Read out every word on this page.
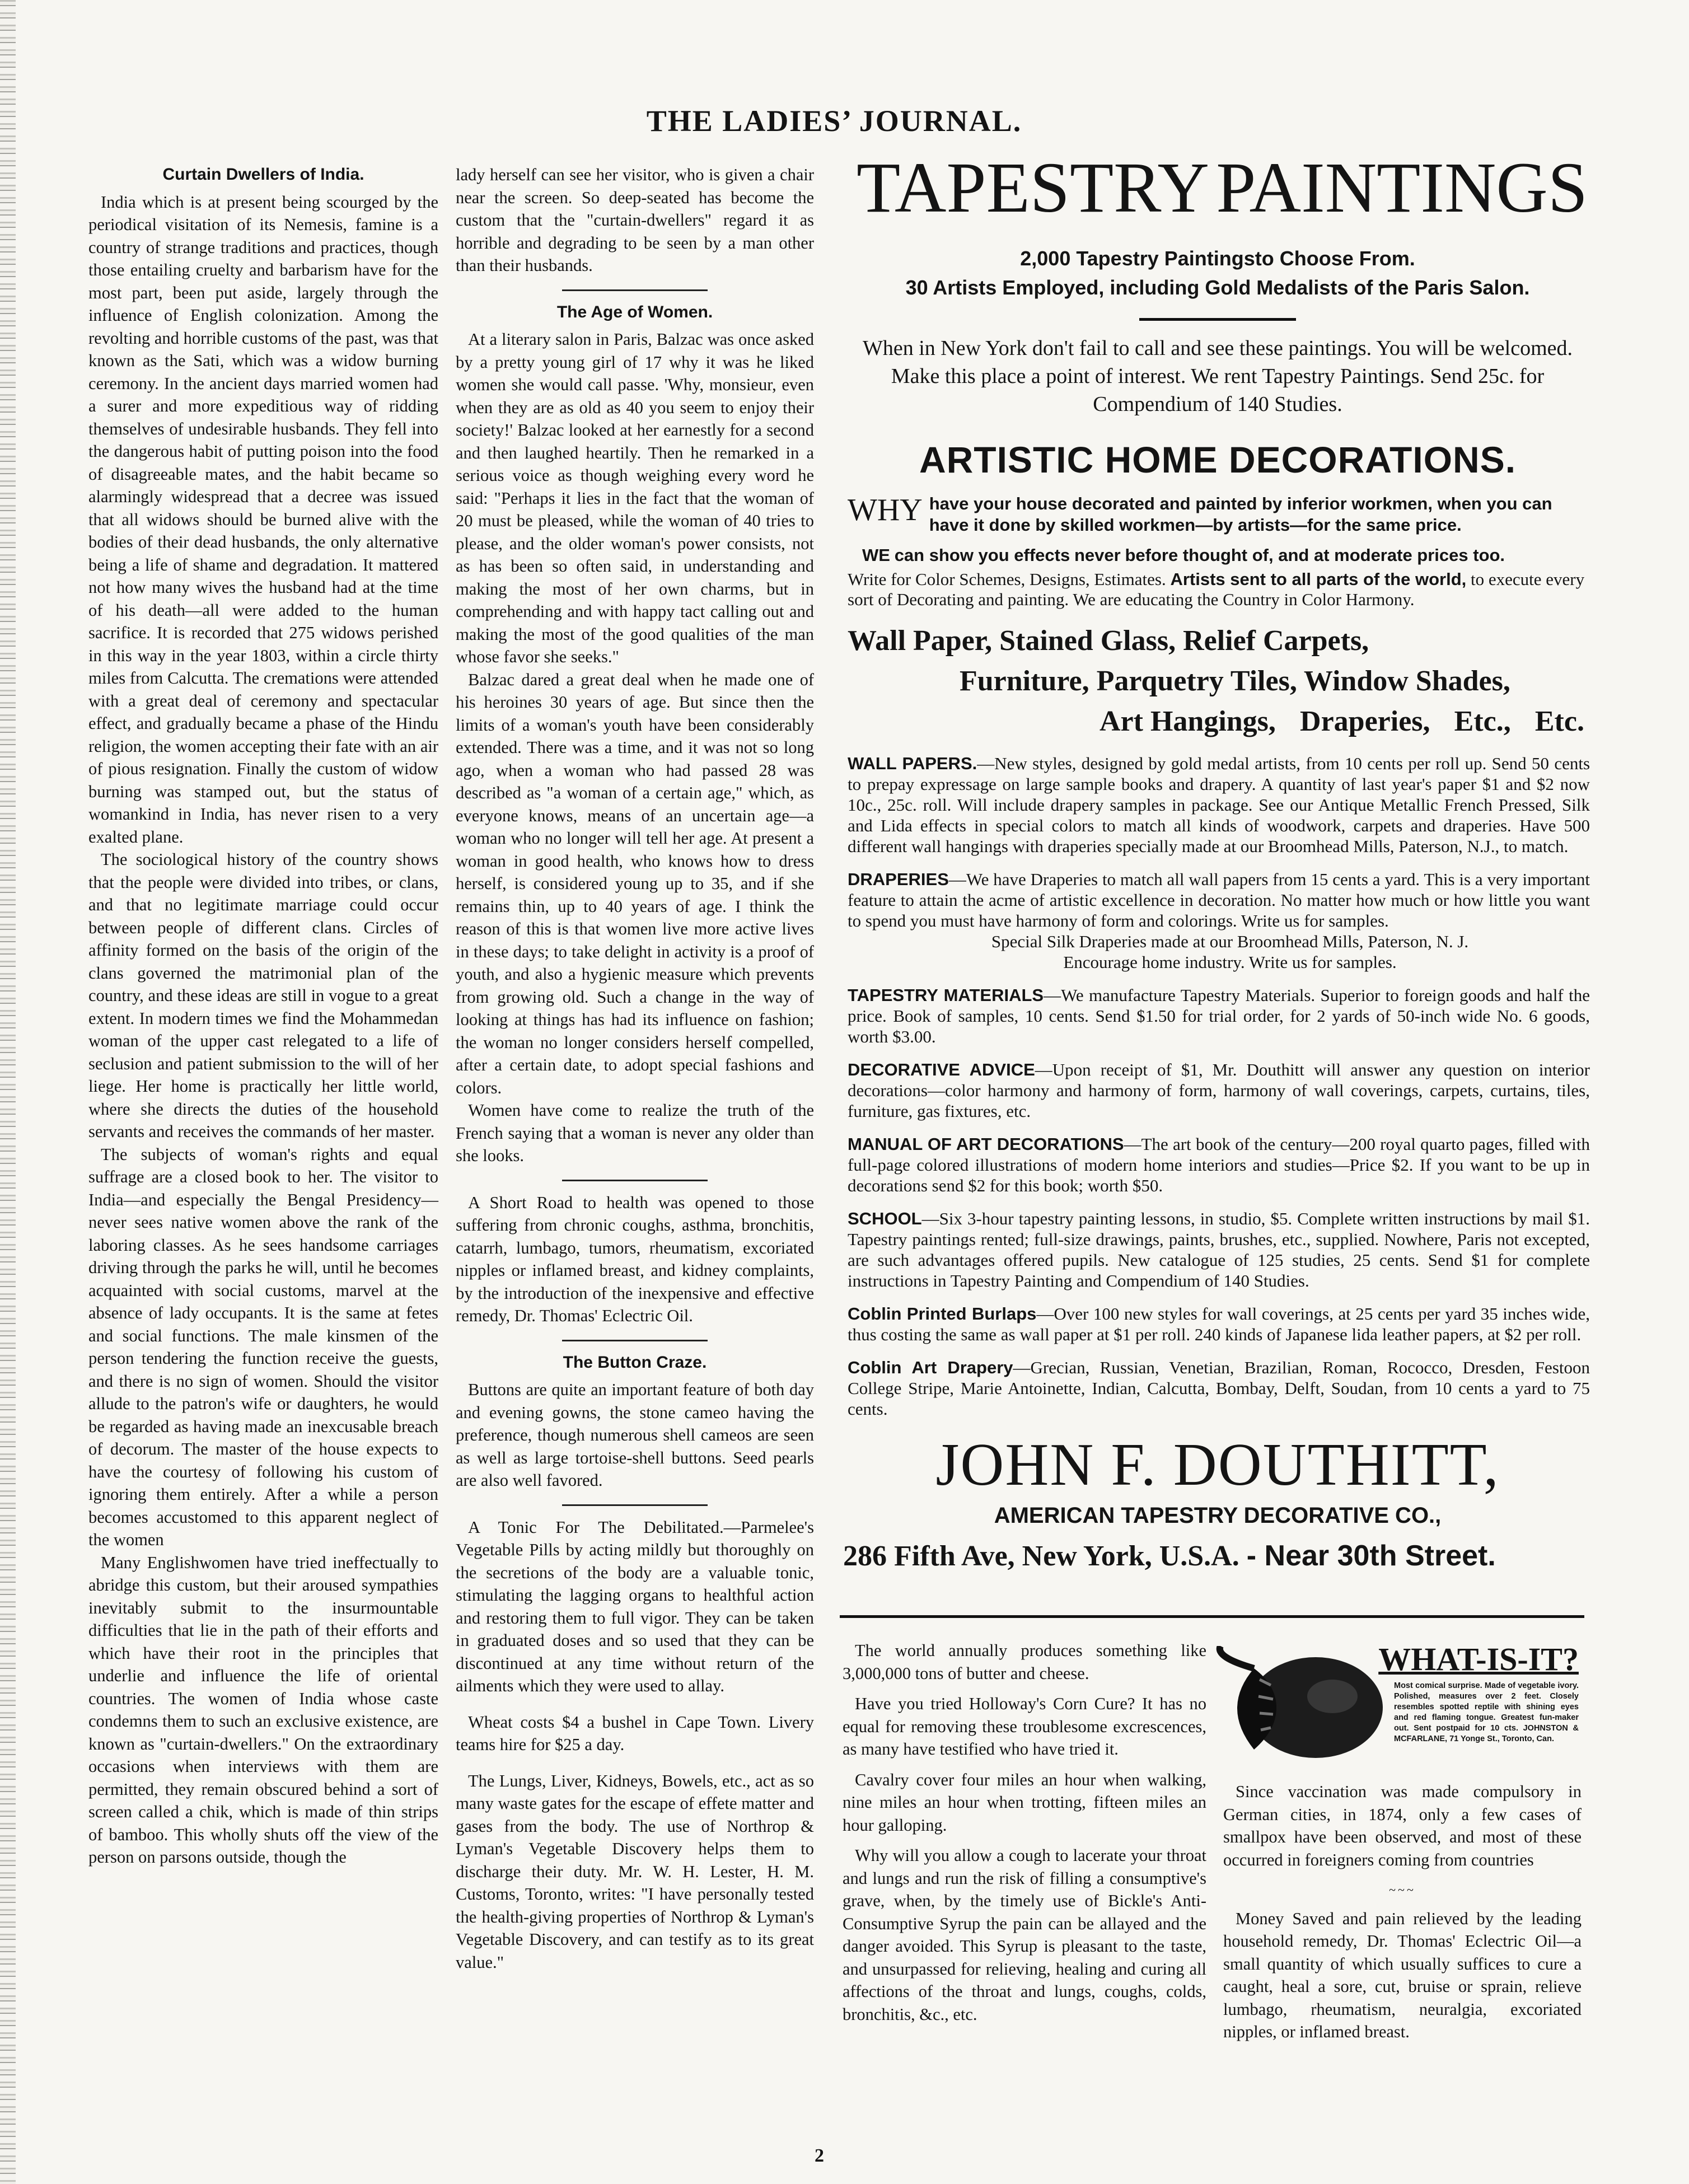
THE LADIES’ JOURNAL.
Curtain Dwellers of India.

India which is at present being scourged by the periodical visitation of its Nemesis, famine is a country of strange traditions and practices, though those entailing cruelty and barbarism have for the most part, been put aside, largely through the influence of English colonization. Among the revolting and horrible customs of the past, was that known as the Sati, which was a widow burning ceremony. In the ancient days married women had a surer and more expeditious way of ridding themselves of undesirable husbands. They fell into the dangerous habit of putting poison into the food of disagreeable mates, and the habit became so alarmingly widespread that a decree was issued that all widows should be burned alive with the bodies of their dead husbands, the only alternative being a life of shame and degradation. It mattered not how many wives the husband had at the time of his death—all were added to the human sacrifice. It is recorded that 275 widows perished in this way in the year 1803, within a circle thirty miles from Calcutta. The cremations were attended with a great deal of ceremony and spectacular effect, and gradually became a phase of the Hindu religion, the women accepting their fate with an air of pious resignation. Finally the custom of widow burning was stamped out, but the status of womankind in India, has never risen to a very exalted plane.

The sociological history of the country shows that the people were divided into tribes, or clans, and that no legitimate marriage could occur between people of different clans. Circles of affinity formed on the basis of the origin of the clans governed the matrimonial plan of the country, and these ideas are still in vogue to a great extent. In modern times we find the Mohammedan woman of the upper cast relegated to a life of seclusion and patient submission to the will of her liege. Her home is practically her little world, where she directs the duties of the household servants and receives the commands of her master.

The subjects of woman's rights and equal suffrage are a closed book to her. The visitor to India—and especially the Bengal Presidency—never sees native women above the rank of the laboring classes. As he sees handsome carriages driving through the parks he will, until he becomes acquainted with social customs, marvel at the absence of lady occupants. It is the same at fetes and social functions. The male kinsmen of the person tendering the function receive the guests, and there is no sign of women. Should the visitor allude to the patron's wife or daughters, he would be regarded as having made an inexcusable breach of decorum. The master of the house expects to have the courtesy of following his custom of ignoring them entirely. After a while a person becomes accustomed to this apparent neglect of the women

Many Englishwomen have tried ineffectually to abridge this custom, but their aroused sympathies inevitably submit to the insurmountable difficulties that lie in the path of their efforts and which have their root in the principles that underlie and influence the life of oriental countries. The women of India whose caste condemns them to such an exclusive existence, are known as "curtain-dwellers." On the extraordinary occasions when interviews with them are permitted, they remain obscured behind a sort of screen called a chik, which is made of thin strips of bamboo. This wholly shuts off the view of the person on parsons outside, though the

lady herself can see her visitor, who is given a chair near the screen. So deep-seated has become the custom that the "curtain-dwellers" regard it as horrible and degrading to be seen by a man other than their husbands.

The Age of Women.

At a literary salon in Paris, Balzac was once asked by a pretty young girl of 17 why it was he liked women she would call passe. 'Why, monsieur, even when they are as old as 40 you seem to enjoy their society!' Balzac looked at her earnestly for a second and then laughed heartily. Then he remarked in a serious voice as though weighing every word he said: "Perhaps it lies in the fact that the woman of 20 must be pleased, while the woman of 40 tries to please, and the older woman's power consists, not as has been so often said, in understanding and making the most of her own charms, but in comprehending and with happy tact calling out and making the most of the good qualities of the man whose favor she seeks."

Balzac dared a great deal when he made one of his heroines 30 years of age. But since then the limits of a woman's youth have been considerably extended. There was a time, and it was not so long ago, when a woman who had passed 28 was described as "a woman of a certain age," which, as everyone knows, means of an uncertain age—a woman who no longer will tell her age. At present a woman in good health, who knows how to dress herself, is considered young up to 35, and if she remains thin, up to 40 years of age. I think the reason of this is that women live more active lives in these days; to take delight in activity is a proof of youth, and also a hygienic measure which prevents from growing old. Such a change in the way of looking at things has had its influence on fashion; the woman no longer considers herself compelled, after a certain date, to adopt special fashions and colors.

Women have come to realize the truth of the French saying that a woman is never any older than she looks.

A Short Road to health was opened to those suffering from chronic coughs, asthma, bronchitis, catarrh, lumbago, tumors, rheumatism, excoriated nipples or inflamed breast, and kidney complaints, by the introduction of the inexpensive and effective remedy, Dr. Thomas' Eclectric Oil.

The Button Craze.

Buttons are quite an important feature of both day and evening gowns, the stone cameo having the preference, though numerous shell cameos are seen as well as large tortoise-shell buttons. Seed pearls are also well favored.

A Tonic For The Debilitated.—Parmelee's Vegetable Pills by acting mildly but thoroughly on the secretions of the body are a valuable tonic, stimulating the lagging organs to healthful action and restoring them to full vigor. They can be taken in graduated doses and so used that they can be discontinued at any time without return of the ailments which they were used to allay.

Wheat costs $4 a bushel in Cape Town. Livery teams hire for $25 a day.

The Lungs, Liver, Kidneys, Bowels, etc., act as so many waste gates for the escape of effete matter and gases from the body. The use of Northrop & Lyman's Vegetable Discovery helps them to discharge their duty. Mr. W. H. Lester, H. M. Customs, Toronto, writes: "I have personally tested the health-giving properties of Northrop & Lyman's Vegetable Discovery, and can testify as to its great value."

TAPESTRY PAINTINGS
2,000 Tapestry Paintingsto Choose From.
30 Artists Employed, including Gold Medalists of the Paris Salon.
When in New York don't fail to call and see these paintings. You will be welcomed. Make this place a point of interest. We rent Tapestry Paintings. Send 25c. for Compendium of 140 Studies.
ARTISTIC HOME DECORATIONS.
WHY have your house decorated and painted by inferior workmen, when you can have it done by skilled workmen—by artists—for the same price.
WE can show you effects never before thought of, and at moderate prices too.
Write for Color Schemes, Designs, Estimates. Artists sent to all parts of the world, to execute every sort of Decorating and painting. We are educating the Country in Color Harmony.
Wall Paper, Stained Glass, Relief Carpets,
Furniture, Parquetry Tiles, Window Shades,
Art Hangings, Draperies, Etc., Etc.
WALL PAPERS.—New styles, designed by gold medal artists, from 10 cents per roll up. Send 50 cents to prepay expressage on large sample books and drapery. A quantity of last year's paper $1 and $2 now 10c., 25c. roll. Will include drapery samples in package. See our Antique Metallic French Pressed, Silk and Lida effects in special colors to match all kinds of woodwork, carpets and draperies. Have 500 different wall hangings with draperies specially made at our Broomhead Mills, Paterson, N.J., to match.
DRAPERIES—We have Draperies to match all wall papers from 15 cents a yard. This is a very important feature to attain the acme of artistic excellence in decoration. No matter how much or how little you want to spend you must have harmony of form and colorings. Write us for samples.
Special Silk Draperies made at our Broomhead Mills, Paterson, N. J.
Encourage home industry. Write us for samples.
TAPESTRY MATERIALS—We manufacture Tapestry Materials. Superior to foreign goods and half the price. Book of samples, 10 cents. Send $1.50 for trial order, for 2 yards of 50-inch wide No. 6 goods, worth $3.00.
DECORATIVE ADVICE—Upon receipt of $1, Mr. Douthitt will answer any question on interior decorations—color harmony and harmony of form, harmony of wall coverings, carpets, curtains, tiles, furniture, gas fixtures, etc.
MANUAL OF ART DECORATIONS—The art book of the century—200 royal quarto pages, filled with full-page colored illustrations of modern home interiors and studies—Price $2. If you want to be up in decorations send $2 for this book; worth $50.
SCHOOL—Six 3-hour tapestry painting lessons, in studio, $5. Complete written instructions by mail $1. Tapestry paintings rented; full-size drawings, paints, brushes, etc., supplied. Nowhere, Paris not excepted, are such advantages offered pupils. New catalogue of 125 studies, 25 cents. Send $1 for complete instructions in Tapestry Painting and Compendium of 140 Studies.
Coblin Printed Burlaps—Over 100 new styles for wall coverings, at 25 cents per yard 35 inches wide, thus costing the same as wall paper at $1 per roll. 240 kinds of Japanese lida leather papers, at $2 per roll.
Coblin Art Drapery—Grecian, Russian, Venetian, Brazilian, Roman, Rococco, Dresden, Festoon College Stripe, Marie Antoinette, Indian, Calcutta, Bombay, Delft, Soudan, from 10 cents a yard to 75 cents.
JOHN F. DOUTHITT,
AMERICAN TAPESTRY DECORATIVE CO.,
286 Fifth Ave, New York, U.S.A. - Near 30th Street.

The world annually produces something like 3,000,000 tons of butter and cheese.

Have you tried Holloway's Corn Cure? It has no equal for removing these troublesome excrescences, as many have testified who have tried it.

Cavalry cover four miles an hour when walking, nine miles an hour when trotting, fifteen miles an hour galloping.

Why will you allow a cough to lacerate your throat and lungs and run the risk of filling a consumptive's grave, when, by the timely use of Bickle's Anti-Consumptive Syrup the pain can be allayed and the danger avoided. This Syrup is pleasant to the taste, and unsurpassed for relieving, healing and curing all affections of the throat and lungs, coughs, colds, bronchitis, &c., etc.

WHAT-IS-IT?
Most comical surprise. Made of vegetable ivory. Polished, measures over 2 feet. Closely resembles spotted reptile with shining eyes and red flaming tongue. Greatest fun-maker out. Sent postpaid for 10 cts. JOHNSTON & MCFARLANE, 71 Yonge St., Toronto, Can.

Since vaccination was made compulsory in German cities, in 1874, only a few cases of smallpox have been observed, and most of these occurred in foreigners coming from countries

~~~

Money Saved and pain relieved by the leading household remedy, Dr. Thomas' Eclectric Oil—a small quantity of which usually suffices to cure a caught, heal a sore, cut, bruise or sprain, relieve lumbago, rheumatism, neuralgia, excoriated nipples, or inflamed breast.

2
